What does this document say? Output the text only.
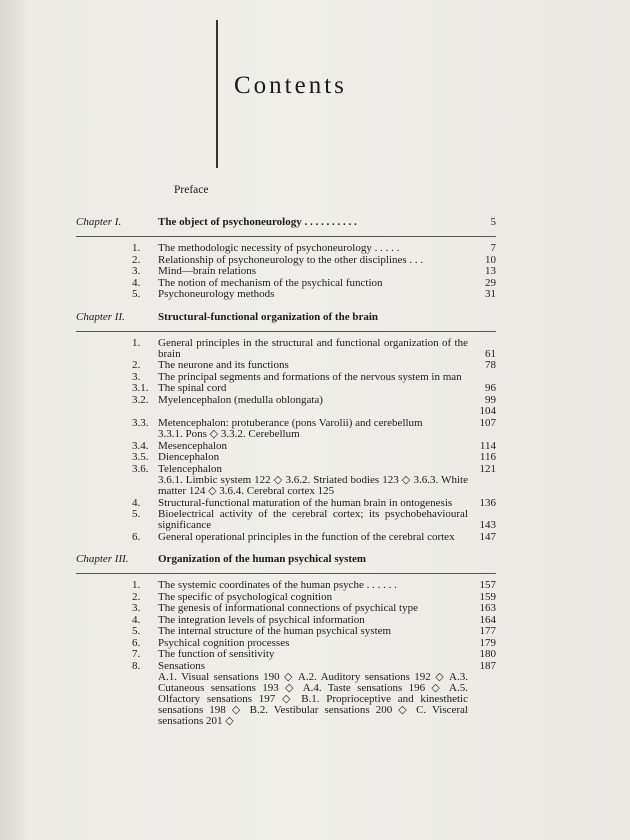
Contents
Preface
Chapter I.	The object of psychoneurology . . . . . . . . . .	5
1.	The methodologic necessity of psychoneurology . . . . .	7
2.	Relationship of psychoneurology to the other disciplines . . .	10
3.	Mind—brain relations	13
4.	The notion of mechanism of the psychical function	29
5.	Psychoneurology methods	31
Chapter II.	Structural-functional organization of the brain
1.	General principles in the structural and functional organization of the brain	61
2.	The neurone and its functions	78
3.	The principal segments and formations of the nervous system in man
3.1. The spinal cord	96
3.2. Myelencephalon (medulla oblongata)	99

104
3.3. Metencephalon: protuberance (pons Varolii) and cerebellum	107
3.3.1. Pons ◇ 3.3.2. Cerebellum
3.4. Mesencephalon	114
3.5. Diencephalon	116
3.6. Telencephalon	121
3.6.1. Limbic system 122 ◇ 3.6.2. Striated bodies 123 ◇ 3.6.3. White matter 124 ◇ 3.6.4. Cerebral cortex 125
4.	Structural-functional maturation of the human brain in ontogenesis	136
5.	Bioelectrical activity of the cerebral cortex; its psychobehavioural significance	143
6.	General operational principles in the function of the cerebral cortex	147
Chapter III.	Organization of the human psychical system
1.	The systemic coordinates of the human psyche . . . . . .	157
2.	The specific of psychological cognition	159
3.	The genesis of informational connections of psychical type	163
4.	The integration levels of psychical information	164
5.	The internal structure of the human psychical system	177
6.	Psychical cognition processes	179
7.	The function of sensitivity	180
8.	Sensations	187
A.1. Visual sensations 190 ◇ A.2. Auditory sensations 192 ◇ A.3. Cutaneous sensations 193 ◇ A.4. Taste sensations 196 ◇ A.5. Olfactory sensations 197 ◇ B.1. Proprioceptive and kinesthetic sensations 198 ◇ B.2. Vestibular sensations 200 ◇ C. Visceral sensations 201 ◇
